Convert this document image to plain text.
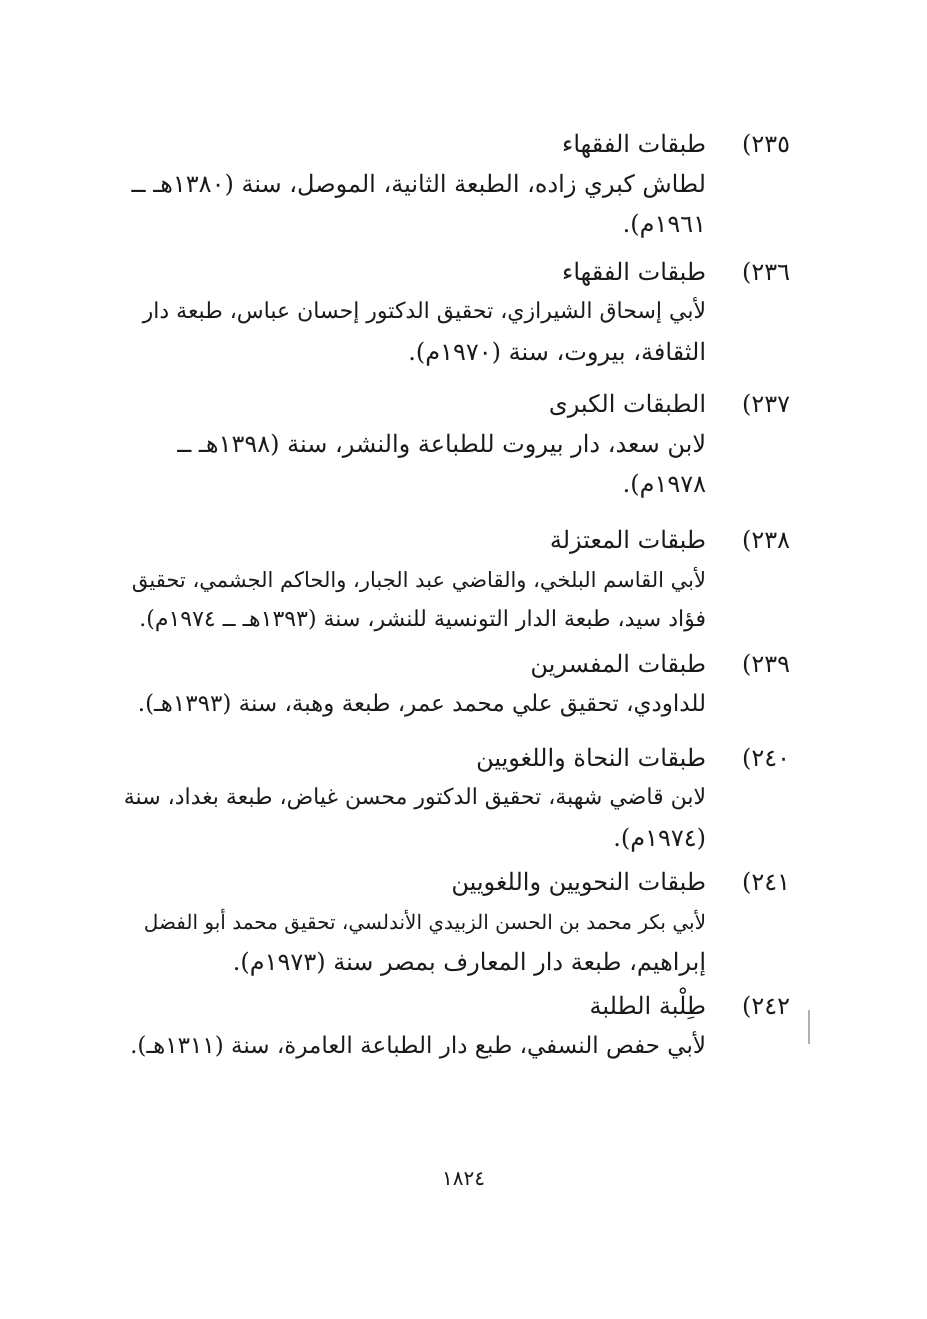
٢٣٥)
طبقات الفقهاء
لطاش كبري زاده، الطبعة الثانية، الموصل، سنة (١٣٨٠هـ ــ
١٩٦١م).
٢٣٦)
طبقات الفقهاء
لأبي إسحاق الشيرازي، تحقيق الدكتور إحسان عباس، طبعة دار
الثقافة، بيروت، سنة (١٩٧٠م).
٢٣٧)
الطبقات الكبرى
لابن سعد، دار بيروت للطباعة والنشر، سنة (١٣٩٨هـ ــ
١٩٧٨م).
٢٣٨)
طبقات المعتزلة
لأبي القاسم البلخي، والقاضي عبد الجبار، والحاكم الجشمي، تحقيق
فؤاد سيد، طبعة الدار التونسية للنشر، سنة (١٣٩٣هـ ــ ١٩٧٤م).
٢٣٩)
طبقات المفسرين
للداودي، تحقيق علي محمد عمر، طبعة وهبة، سنة (١٣٩٣هـ).
٢٤٠)
طبقات النحاة واللغويين
لابن قاضي شهبة، تحقيق الدكتور محسن غياض، طبعة بغداد، سنة
(١٩٧٤م).
٢٤١)
طبقات النحويين واللغويين
لأبي بكر محمد بن الحسن الزبيدي الأندلسي، تحقيق محمد أبو الفضل
إبراهيم، طبعة دار المعارف بمصر سنة (١٩٧٣م).
٢٤٢)
طِلْبة الطلبة
لأبي حفص النسفي، طبع دار الطباعة العامرة، سنة (١٣١١هـ).
١٨٢٤
